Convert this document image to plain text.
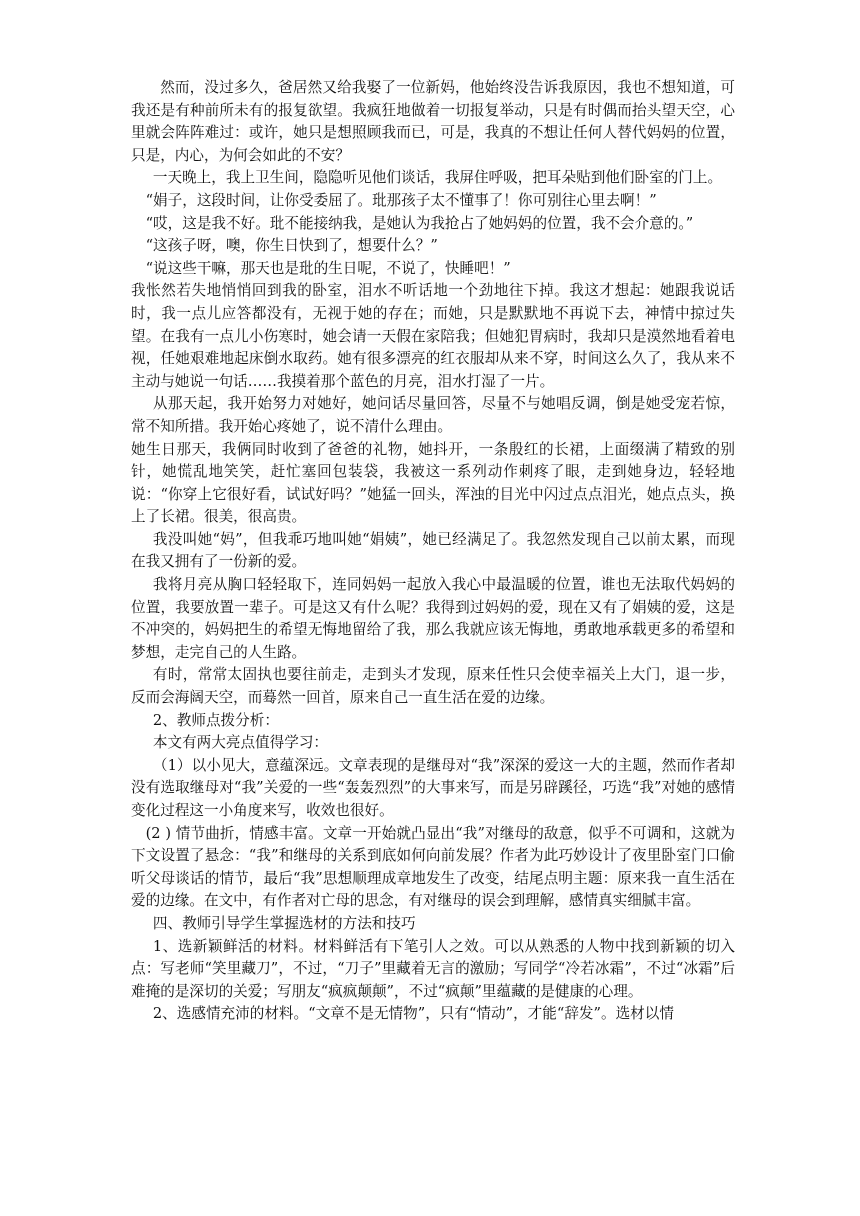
然而，没过多久，爸居然又给我娶了一位新妈，他始终没告诉我原因，我也不想知道，可我还是有种前所未有的报复欲望。我疯狂地做着一切报复举动，只是有时偶而抬头望天空，心里就会阵阵难过：或许，她只是想照顾我而已，可是，我真的不想让任何人替代妈妈的位置，只是，内心，为何会如此的不安？

一天晚上，我上卫生间，隐隐听见他们谈话，我屏住呼吸，把耳朵贴到他们卧室的门上。

“娟子，这段时间，让你受委屈了。玭那孩子太不懂事了！你可别往心里去啊！”

“哎，这是我不好。玭不能接纳我，是她认为我抢占了她妈妈的位置，我不会介意的。”

“这孩子呀，噢，你生日快到了，想要什么？”

“说这些干嘛，那天也是玭的生日呢，不说了，快睡吧！”

我怅然若失地悄悄回到我的卧室，泪水不听话地一个劲地往下掉。我这才想起：她跟我说话时，我一点儿应答都没有，无视于她的存在；而她，只是默默地不再说下去，神情中掠过失望。在我有一点儿小伤寒时，她会请一天假在家陪我；但她犯胃病时，我却只是漠然地看着电视，任她艰难地起床倒水取药。她有很多漂亮的红衣服却从来不穿，时间这么久了，我从来不主动与她说一句话……我摸着那个蓝色的月亮，泪水打湿了一片。

从那天起，我开始努力对她好，她问话尽量回答，尽量不与她唱反调，倒是她受宠若惊，常不知所措。我开始心疼她了，说不清什么理由。

她生日那天，我俩同时收到了爸爸的礼物，她抖开，一条殷红的长裙，上面缀满了精致的别针，她慌乱地笑笑，赶忙塞回包装袋，我被这一系列动作刺疼了眼，走到她身边，轻轻地说：“你穿上它很好看，试试好吗？”她猛一回头，浑浊的目光中闪过点点泪光，她点点头，换上了长裙。很美，很高贵。

我没叫她“妈”，但我乖巧地叫她“娟姨”，她已经满足了。我忽然发现自己以前太累，而现在我又拥有了一份新的爱。

我将月亮从胸口轻轻取下，连同妈妈一起放入我心中最温暖的位置，谁也无法取代妈妈的位置，我要放置一辈子。可是这又有什么呢？我得到过妈妈的爱，现在又有了娟姨的爱，这是不冲突的，妈妈把生的希望无悔地留给了我，那么我就应该无悔地，勇敢地承载更多的希望和梦想，走完自己的人生路。

有时，常常太固执也要往前走，走到头才发现，原来任性只会使幸福关上大门，退一步，反而会海阔天空，而蓦然一回首，原来自己一直生活在爱的边缘。

2、教师点拨分析：

本文有两大亮点值得学习：

（1）以小见大，意蕴深远。文章表现的是继母对“我”深深的爱这一大的主题，然而作者却没有选取继母对“我”关爱的一些“轰轰烈烈”的大事来写，而是另辟蹊径，巧选“我”对她的感情变化过程这一小角度来写，收效也很好。

(2 ) 情节曲折，情感丰富。文章一开始就凸显出“我”对继母的敌意，似乎不可调和，这就为下文设置了悬念：“我”和继母的关系到底如何向前发展？作者为此巧妙设计了夜里卧室门口偷听父母谈话的情节，最后“我”思想顺理成章地发生了改变，结尾点明主题：原来我一直生活在爱的边缘。在文中，有作者对亡母的思念，有对继母的误会到理解，感情真实细腻丰富。

四、教师引导学生掌握选材的方法和技巧

1、选新颖鲜活的材料。材料鲜活有下笔引人之效。可以从熟悉的人物中找到新颖的切入点：写老师“笑里藏刀”，不过，“刀子”里藏着无言的激励；写同学“冷若冰霜”，不过“冰霜”后难掩的是深切的关爱；写朋友“疯疯颠颠”，不过“疯颠”里蕴藏的是健康的心理。

2、选感情充沛的材料。“文章不是无情物”，只有“情动”，才能“辞发”。选材以情
